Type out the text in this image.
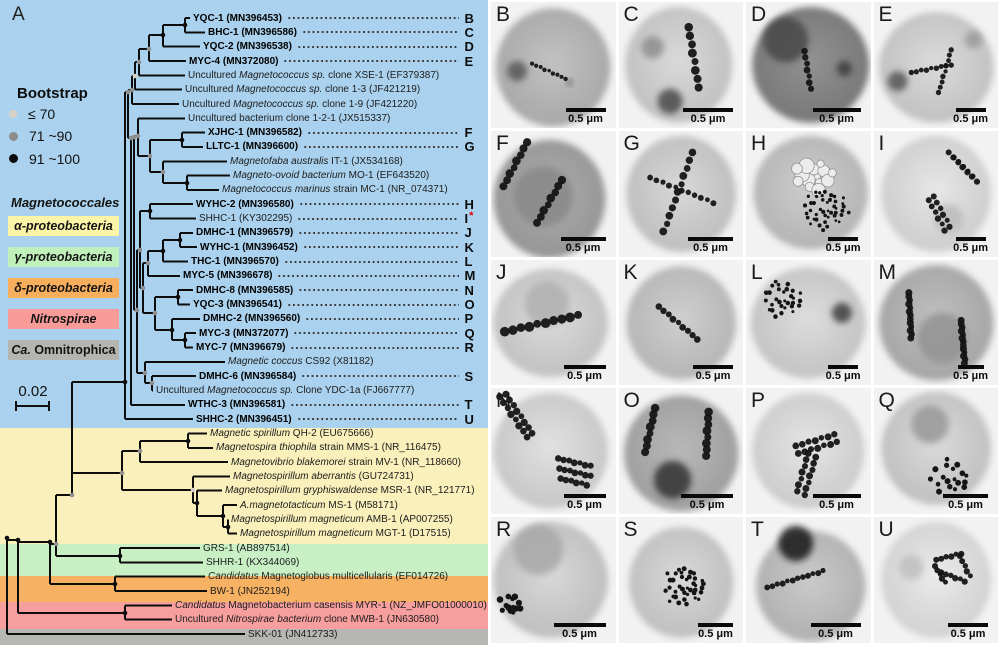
A
Bootstrap
≤ 70
71 ~90
91 ~100
Magnetococcales
α-proteobacteria
γ-proteobacteria
δ-proteobacteria
Nitrospirae
Ca. Omnitrophica
0.02
YQC-1 (MN396453)	B
BHC-1 (MN396586)	C
YQC-2 (MN396538)	D
MYC-4 (MN372080)	E
Uncultured Magnetococcus sp. clone XSE-1 (EF379387)
Uncultured Magnetococcus sp. clone 1-3 (JF421219)
Uncultured Magnetococcus sp. clone 1-9 (JF421220)
Uncultured bacterium clone 1-2-1 (JX515337)
XJHC-1 (MN396582)	F
LLTC-1 (MN396600)	G
Magnetofaba australis IT-1 (JX534168)
Magneto-ovoid bacterium MO-1 (EF643520)
Magnetococcus marinus strain MC-1 (NR_074371)
WYHC-2 (MN396580)	H
SHHC-1 (KY302295)	I*
DMHC-1 (MN396579)	J
WYHC-1 (MN396452)	K
THC-1 (MN396570)	L
MYC-5 (MN396678)	M
DMHC-8 (MN396585)	N
YQC-3 (MN396541)	O
DMHC-2 (MN396560)	P
MYC-3 (MN372077)	Q
MYC-7 (MN396679)	R
Magnetic coccus CS92 (X81182)
DMHC-6 (MN396584)	S
Uncultured Magnetococcus sp. Clone YDC-1a (FJ667777)
WTHC-3 (MN396581)	T
SHHC-2 (MN396451)	U
Magnetic spirillum QH-2 (EU675666)
Magnetospira thiophila strain MMS-1 (NR_116475)
Magnetovibrio blakemorei strain MV-1 (NR_118660)
Magnetospirillum aberrantis (GU724731)
Magnetospirillum gryphiswaldense MSR-1 (NR_121771)
A.magnetotacticum MS-1 (M58171)
Magnetospirillum magneticum AMB-1 (AP007255)
Magnetospirillum magneticum MGT-1 (D17515)
GRS-1 (AB897514)
SHHR-1 (KX344069)
Candidatus Magnetoglobus multicellularis (EF014726)
BW-1 (JN252194)
Candidatus Magnetobacterium casensis MYR-1 (NZ_JMFO01000010)
Uncultured Nitrospirae bacterium clone MWB-1 (JN630580)
SKK-01 (JN412733)
B
0.5 μm
C
0.5 μm
D
0.5 μm
E
0.5 μm
F
0.5 μm
G
0.5 μm
H
0.5 μm
I
0.5 μm
J
0.5 μm
K
0.5 μm
L
0.5 μm
M
0.5 μm
N
0.5 μm
O
0.5 μm
P
0.5 μm
Q
0.5 μm
R
0.5 μm
S
0.5 μm
T
0.5 μm
U
0.5 μm
